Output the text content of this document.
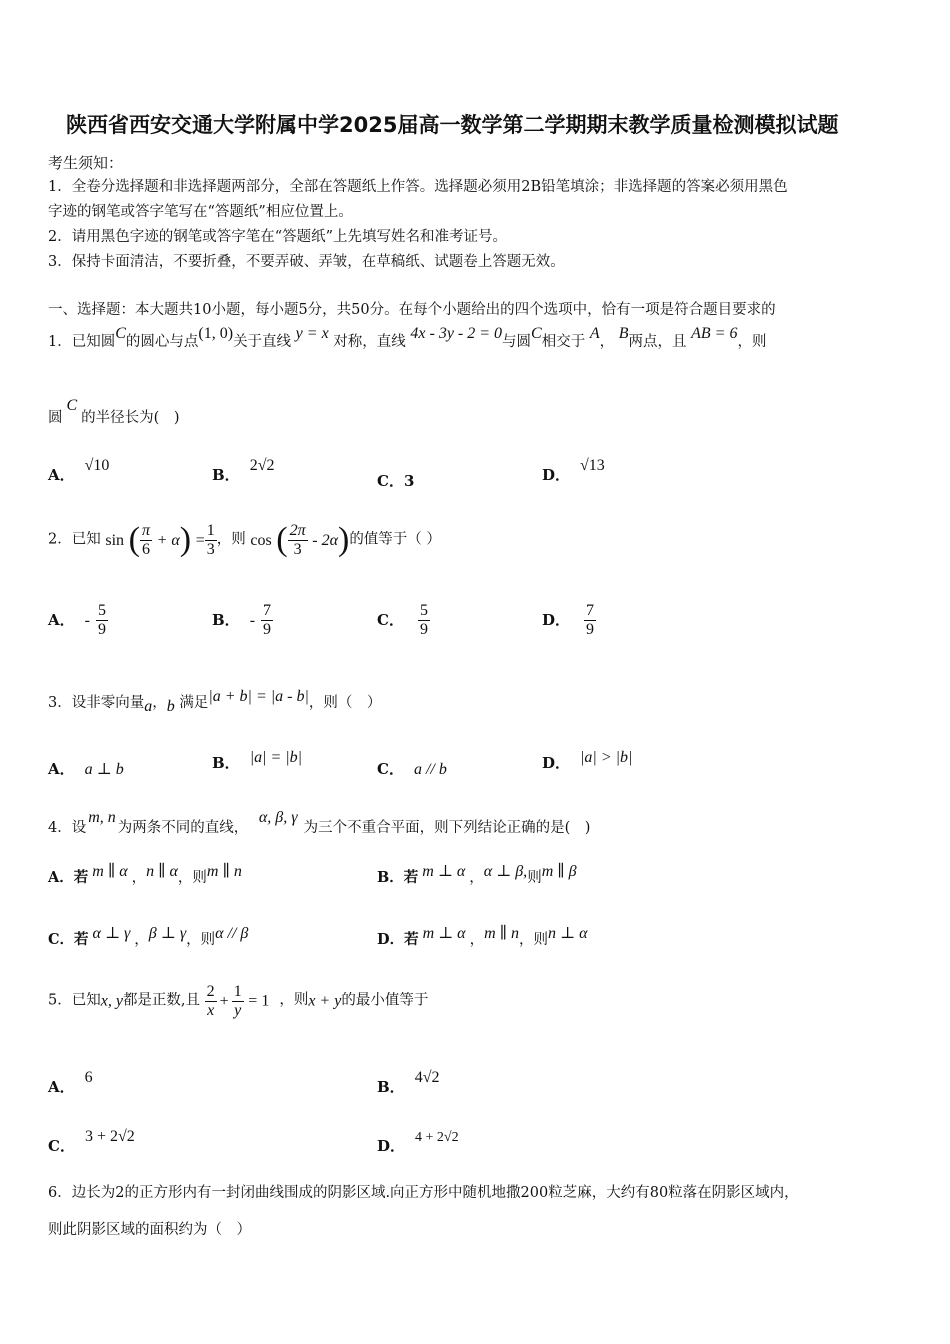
陕西省西安交通大学附属中学2025届高一数学第二学期期末教学质量检测模拟试题
考生须知：
1．全卷分选择题和非选择题两部分，全部在答题纸上作答。选择题必须用2B铅笔填涂；非选择题的答案必须用黑色
字迹的钢笔或答字笔写在“答题纸”相应位置上。
2．请用黑色字迹的钢笔或答字笔在“答题纸”上先填写姓名和准考证号。
3．保持卡面清洁，不要折叠，不要弄破、弄皱，在草稿纸、试题卷上答题无效。
一、选择题：本大题共10小题，每小题5分，共50分。在每个小题给出的四个选项中，恰有一项是符合题目要求的
1．已知圆C的圆心与点(1, 0)关于直线 y = x 对称，直线 4x - 3y - 2 = 0与圆C相交于 A， B两点，且 AB = 6，则
圆C的半径长为(　)
A．√10
B．2√2
C．3	D．√13
2．已知 sin ( $\frac{\pi}{6} + \alpha) = \frac{1}{3}$ ，则 cos ( $\frac{2\pi}{3} - 2\alpha$)的值等于（ ）
A． - $\frac{5}{9}$	B． - $\frac{7}{9}$	C． $\frac{5}{9}$	D． $\frac{7}{9}$
3．设非零向量a，b 满足|a + b| = |a - b|，则（　）
A． a ⊥ b	B． |a| = |b|
C． a // b	D． |a| > |b|
4．设m, n为两条不同的直线， α, β, γ为三个不重合平面，则下列结论正确的是(　)
A．若 m ∥ α ，n ∥ α，则m ∥ n	B．若 m ⊥ α ，α ⊥ β,则m ∥ β
C．若 α ⊥ γ ，β ⊥ γ，则α // β	D．若 m ⊥ α ，m ∥ n，则n ⊥ α
5．已知x, y都是正数,且 $\frac{2}{x} + \frac{1}{y} = 1$ ，则x + y的最小值等于
A．6
B．4√2
C．3 + 2√2
D． 4 + 2√2
6．边长为2的正方形内有一封闭曲线围成的阴影区域.向正方形中随机地撒200粒芝麻，大约有80粒落在阴影区域内，
则此阴影区域的面积约为（　）
